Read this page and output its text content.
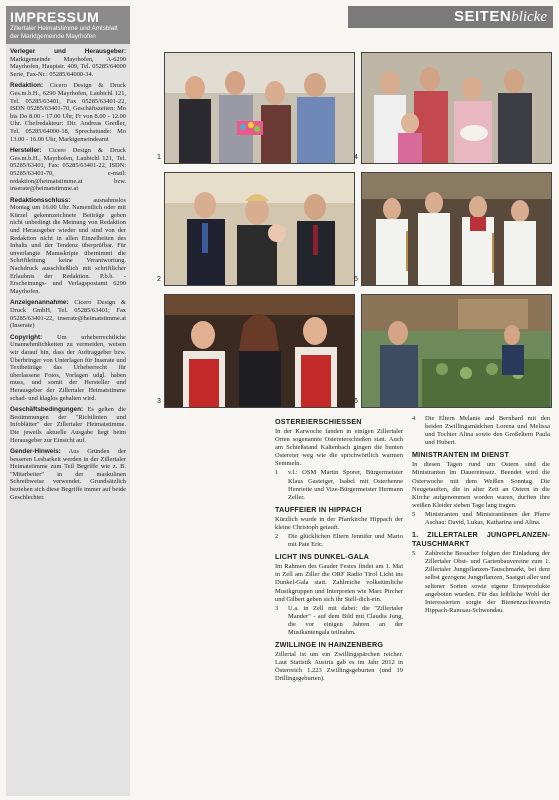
IMPRESSUM
Zillertaler Heimatstimme und Amtsblatt der Marktgemeinde Mayrhofen
Verleger und Herausgeber: Marktgemeinde Mayrhofen, A-6290 Mayrhofen, Hauptstr. 409, Tel. 05285/64000 Serie, Fax-Nr.: 05285/64000-34.
Redaktion: Cicero Design & Druck Ges.m.b.H., 6290 Mayrhofen, Laubichl 121, Tel. 05285/63401, Fax 05285/63401-22, ISDN 05285/63401-70, Geschäftszeiten: Mo bis Do 8.00 - 17.00 Uhr, Fr von 8.00 - 12.00 Uhr. Chefredakteur: Dir. Andreas Gredler, Tel. 05285/64000-18, Sprechstunde: Mo 13.00 - 16.00 Uhr, Marktgemeindeamt
Hersteller: Cicero Design & Druck Ges.m.b.H., Mayrhofen, Laubichl 121, Tel. 05285/63401, Fax: 05285/63401-22, ISDN: 05285/63401-70, e-mail: redaktion@heimatstimme.at bzw. inserate@heimatstimme.at
Redaktionsschluss: ausnahmslos Montag um 16.00 Uhr. Namentlich oder mit Kürzel gekennzeichnete Beiträge geben nicht unbedingt die Meinung von Redaktion und Herausgeber wieder und sind von der Redaktion nicht in allen Einzelheiten des Inhalts und der Tendenz überprüfbar. Für unverlangte Manuskripte übernimmt die Schriftleitung keine Verantwortung. Nachdruck ausschließlich mit schriftlicher Erlaubnis der Redaktion. P.b.b. - Erscheinungs- und Verlagspostamt 6290 Mayrhofen.
Anzeigenannahme: Cicero Design & Druck GmbH, Tel. 05285/63401; Fax 05285/63401-22, inserate@heimatstimme.at (Inserate)
Copyright: Um urheberrechtliche Unannehmlichkeiten zu vermeiden, weisen wir darauf hin, dass der Auftraggeber bzw. Überbringer von Unterlagen für Inserate und Textbeiträge das Urheberrecht für überlassene Fotos, Vorlagen udgl. haben muss, und somit der Hersteller und Herausgeber der Zillertaler Heimatstimme schad- und klaglos gehalten wird.
Geschäftsbedingungen: Es gelten die Bestimmungen der "Richtlinien und Infoblätter" der Zillertaler Heimatstimme. Die jeweils aktuelle Ausgabe liegt beim Herausgeber zur Einsicht auf.
Gender-Hinweis: Aus Gründen der besseren Lesbarkeit werden in der Zillertaler Heimatstimme zum Teil Begriffe wie z. B. "Mitarbeiter" in der maskulinen Schreibweise verwendet. Grundsätzlich beziehen sich diese Begriffe immer auf beide Geschlechter.
SEITENblicke
1	4
2	5
3	6
OSTEREIERSCHIESSEN

In der Karwoche fanden in einigen Zillertaler Orten sogenannte Ostereierschießen statt. Auch am Schießstand Kaltenbach gingen die bunten Ostereier weg wie die sprichwörtlich warmen Semmeln.

1	v.l.: OSM Martin Sporer, Bürgermeister Klaus Gasteiger, Isabel mit Osterhenne Henriette und Vize-Bürgermeister Hermann Zeller.
TAUFFEIER IN HIPPACH

Kürzlich wurde in der Pfarrkirche Hippach der kleine Christoph getauft.

2	Die glücklichen Eltern Jennifer und Mario mit Pate Eric.
LICHT INS DUNKEL-GALA

Im Rahmen des Gauder Festes findet am 1. Mai in Zell am Ziller die ORF Radio Tirol Licht ins Dunkel-Gala statt. Zahlreiche volkstümliche Musikgruppen und Interpreten wie Marc Pircher und Gilbert geben sich ihr Stell-dich-ein.

3	U.a. in Zell mit dabei: die "Zillertaler Mander" - auf dem Bild mit Claudia Jung, die vor einigen Jahren an der Musikantengala teilnahm.
ZWILLINGE IN HAINZENBERG

Zillertal ist um ein Zwillingspärchen reicher. Laut Statistik Austria gab es im Jahr 2012 in Österreich 1.223 Zwillingsgeburten (und 19 Drillingsgeburten).

4	Die Eltern Melanie and Bernhard mit den beiden Zwillingsmädchen Lorena und Melissa und Tochter Alina sowie den Großeltern Paula und Hubert.
MINISTRANTEN IM DIENST

In diesen Tagen rund um Ostern sind die Ministranten im Dauereinsatz. Beendet wird die Osterwoche mit dem Weißen Sonntag. Die Neugetauften, die in alter Zeit an Ostern in die Kirche aufgenommen worden waren, durften ihre weißen Kleider sieben Tage lang tragen.

5	Ministranten und Ministrantinnen der Pfarre Aschau: David, Lukas, Katharina und Alina.
1. ZILLERTALER JUNGPFLANZEN-TAUSCHMARKT
5	Zahlreiche Besucher folgten der Einladung der Zillertaler Obst- und Gartenbauvereine zum 1. Zillertaler Jungpflanzen-Tauschmarkt, bei dem selbst gezogene Jungpflanzen, Saatgut aller und seltener Sorten sowie eigene Ernteprodukte angeboten wurden. Für das leibliche Wohl der Interessierten sorgte der Bienenzuchtverein Hippach-Ramsau-Schwendau.
